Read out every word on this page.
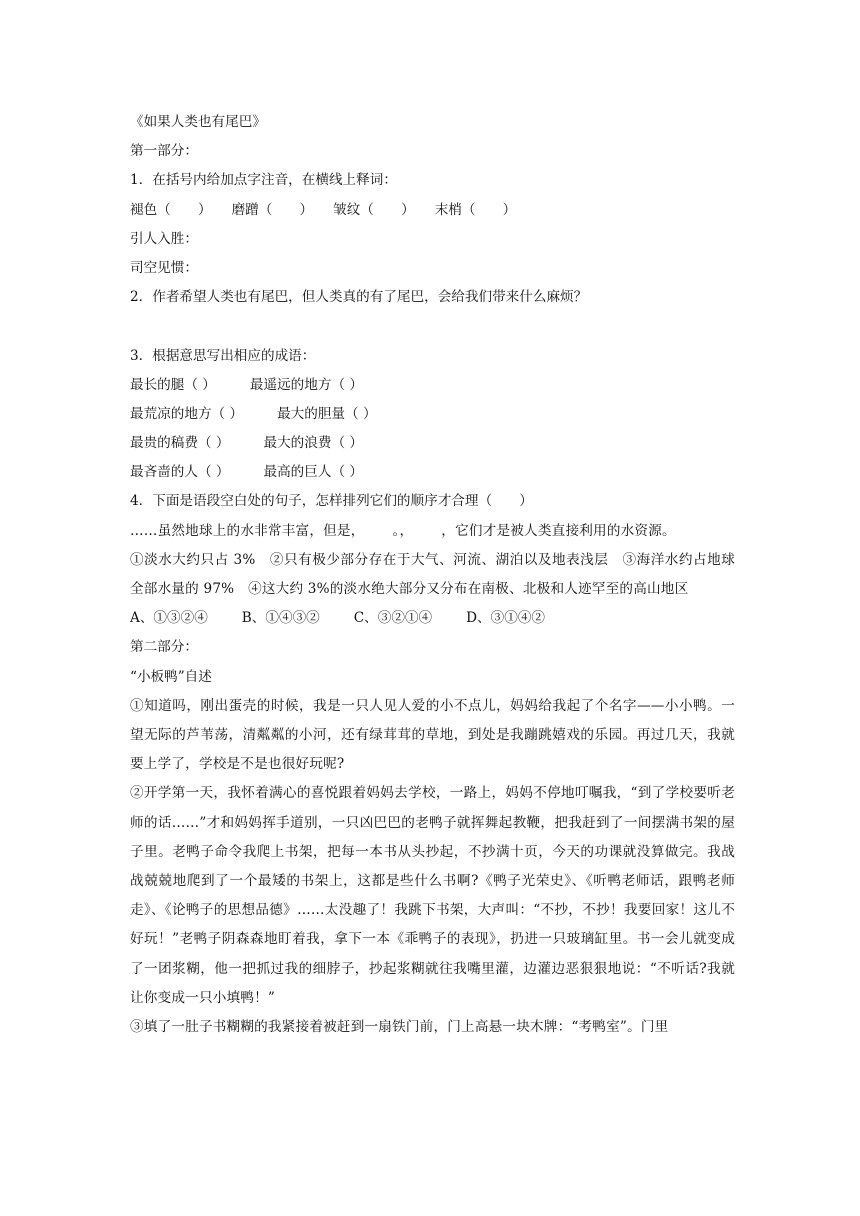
《如果人类也有尾巴》
第一部分：
1．在括号内给加点字注音，在横线上释词：
褪色（　　） 磨蹭（　　） 皱纹（　　） 末梢（　　）
引人入胜：
司空见惯：
2．作者希望人类也有尾巴，但人类真的有了尾巴，会给我们带来什么麻烦？
3．根据意思写出相应的成语：
最长的腿（ ）	最遥远的地方（ ）
最荒凉的地方（ ）	最大的胆量（ ）
最贵的稿费（ ）	最大的浪费（ ）
最吝啬的人（ ）	最高的巨人（ ）
4．下面是语段空白处的句子，怎样排列它们的顺序才合理（　　）
……虽然地球上的水非常丰富，但是， 。， ，它们才是被人类直接利用的水资源。
①淡水大约只占 3%　②只有极少部分存在于大气、河流、湖泊以及地表浅层　③海洋水约占地球全部水量的 97%　④这大约 3%的淡水绝大部分又分布在南极、北极和人迹罕至的高山地区
A、①③②④	B、①④③②	C、③②①④	D、③①④②
第二部分：
“小板鸭”自述
①知道吗，刚出蛋壳的时候，我是一只人见人爱的小不点儿，妈妈给我起了个名字——小小鸭。一望无际的芦苇荡，清粼粼的小河，还有绿茸茸的草地，到处是我蹦跳嬉戏的乐园。再过几天，我就要上学了，学校是不是也很好玩呢?
②开学第一天，我怀着满心的喜悦跟着妈妈去学校，一路上，妈妈不停地叮嘱我，“到了学校要听老师的话……”才和妈妈挥手道别，一只凶巴巴的老鸭子就挥舞起教鞭，把我赶到了一间摆满书架的屋子里。老鸭子命令我爬上书架，把每一本书从头抄起，不抄满十页，今天的功课就没算做完。我战战兢兢地爬到了一个最矮的书架上，这都是些什么书啊?《鸭子光荣史》、《听鸭老师话，跟鸭老师走》、《论鸭子的思想品德》……太没趣了！我跳下书架，大声叫：“不抄，不抄！我要回家！这儿不好玩！”老鸭子阴森森地盯着我，拿下一本《乖鸭子的表现》，扔进一只玻璃缸里。书一会儿就变成了一团浆糊，他一把抓过我的细脖子，抄起浆糊就往我嘴里灌，边灌边恶狠狠地说：“不听话?我就让你变成一只小填鸭！”
③填了一肚子书糊糊的我紧接着被赶到一扇铁门前，门上高悬一块木牌：“考鸭室”。门里
